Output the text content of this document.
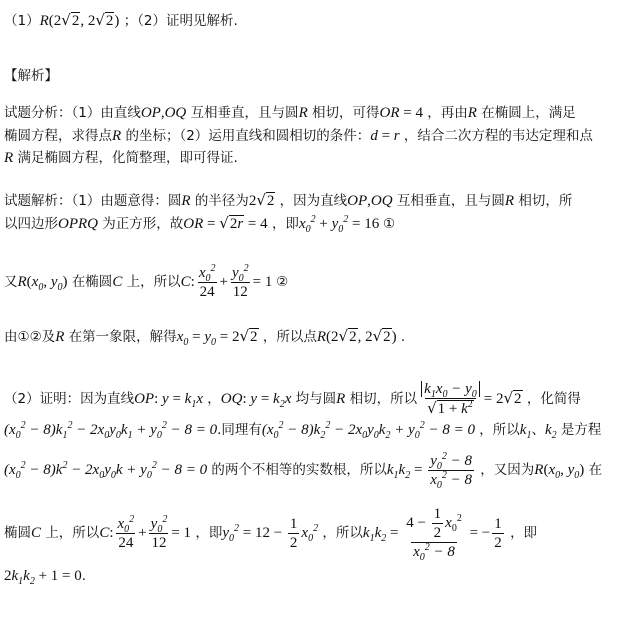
（1）R(2√2, 2√2) ；（2）证明见解析.
【解析】
试题分析：（1）由直线OP,OQ 互相垂直，且与圆R 相切，可得OR = 4 ，再由R 在椭圆上，满足
椭圆方程，求得点R 的坐标；（2）运用直线和圆相切的条件：d = r ，结合二次方程的韦达定理和点
R 满足椭圆方程，化简整理，即可得证.
试题解析：（1）由题意得：圆R 的半径为2√2 ，因为直线OP,OQ 互相垂直，且与圆R 相切，所
以四边形OPRQ 为正方形，故OR = √2r = 4 ，即$x_0^2 + y_0^2 = 16$ ①
又$R(x_0$, $y_0$) 在椭圆C 上，所以C: $\frac{x_0^2}{24} + \frac{y_0^2}{12} = 1$ ②
由①②及R 在第一象限，解得$x_0 = y_0 = 2√2$ ，所以点R(2√2, 2√2) .
（2）证明：因为直线OP: $y = k_1x$ ，OQ: $y = k_2x$ 均与圆R 相切，所以 $\frac{k_1x_0 - y_0}{√1 + k^2} = 2√2$ ，化简得
$(x_0^2 - 8)k_1^2 - 2x_0y_0k_1 + y_0^2 - 8 = 0$.同理有$(x_0^2 - 8)k_2^2 - 2x_0y_0k_2 + y_0^2 - 8 = 0$ ，所以$k_1$、$k_2$ 是方程
$(x_0^2 - 8)k^2 - 2x_0y_0k + y_0^2 - 8 = 0$ 的两个不相等的实数根，所以$k_1k_2 = \frac{y_0^2 - 8}{x_0^2 - 8}$ ，又因为$R(x_0$, $y_0$) 在
椭圆C 上，所以C: $\frac{x_0^2}{24} + \frac{y_0^2}{12} = 1$ ，即$y_0^2 = 12 - \frac{1}{2} x_0^2$ ，所以$k_1k_2 = \frac{4 - \frac{1}{2} x_0^2}{x_0^2 - 8}$ = − $\frac{1}{2}$ ，即
$2k_1k_2 + 1 = 0$.
